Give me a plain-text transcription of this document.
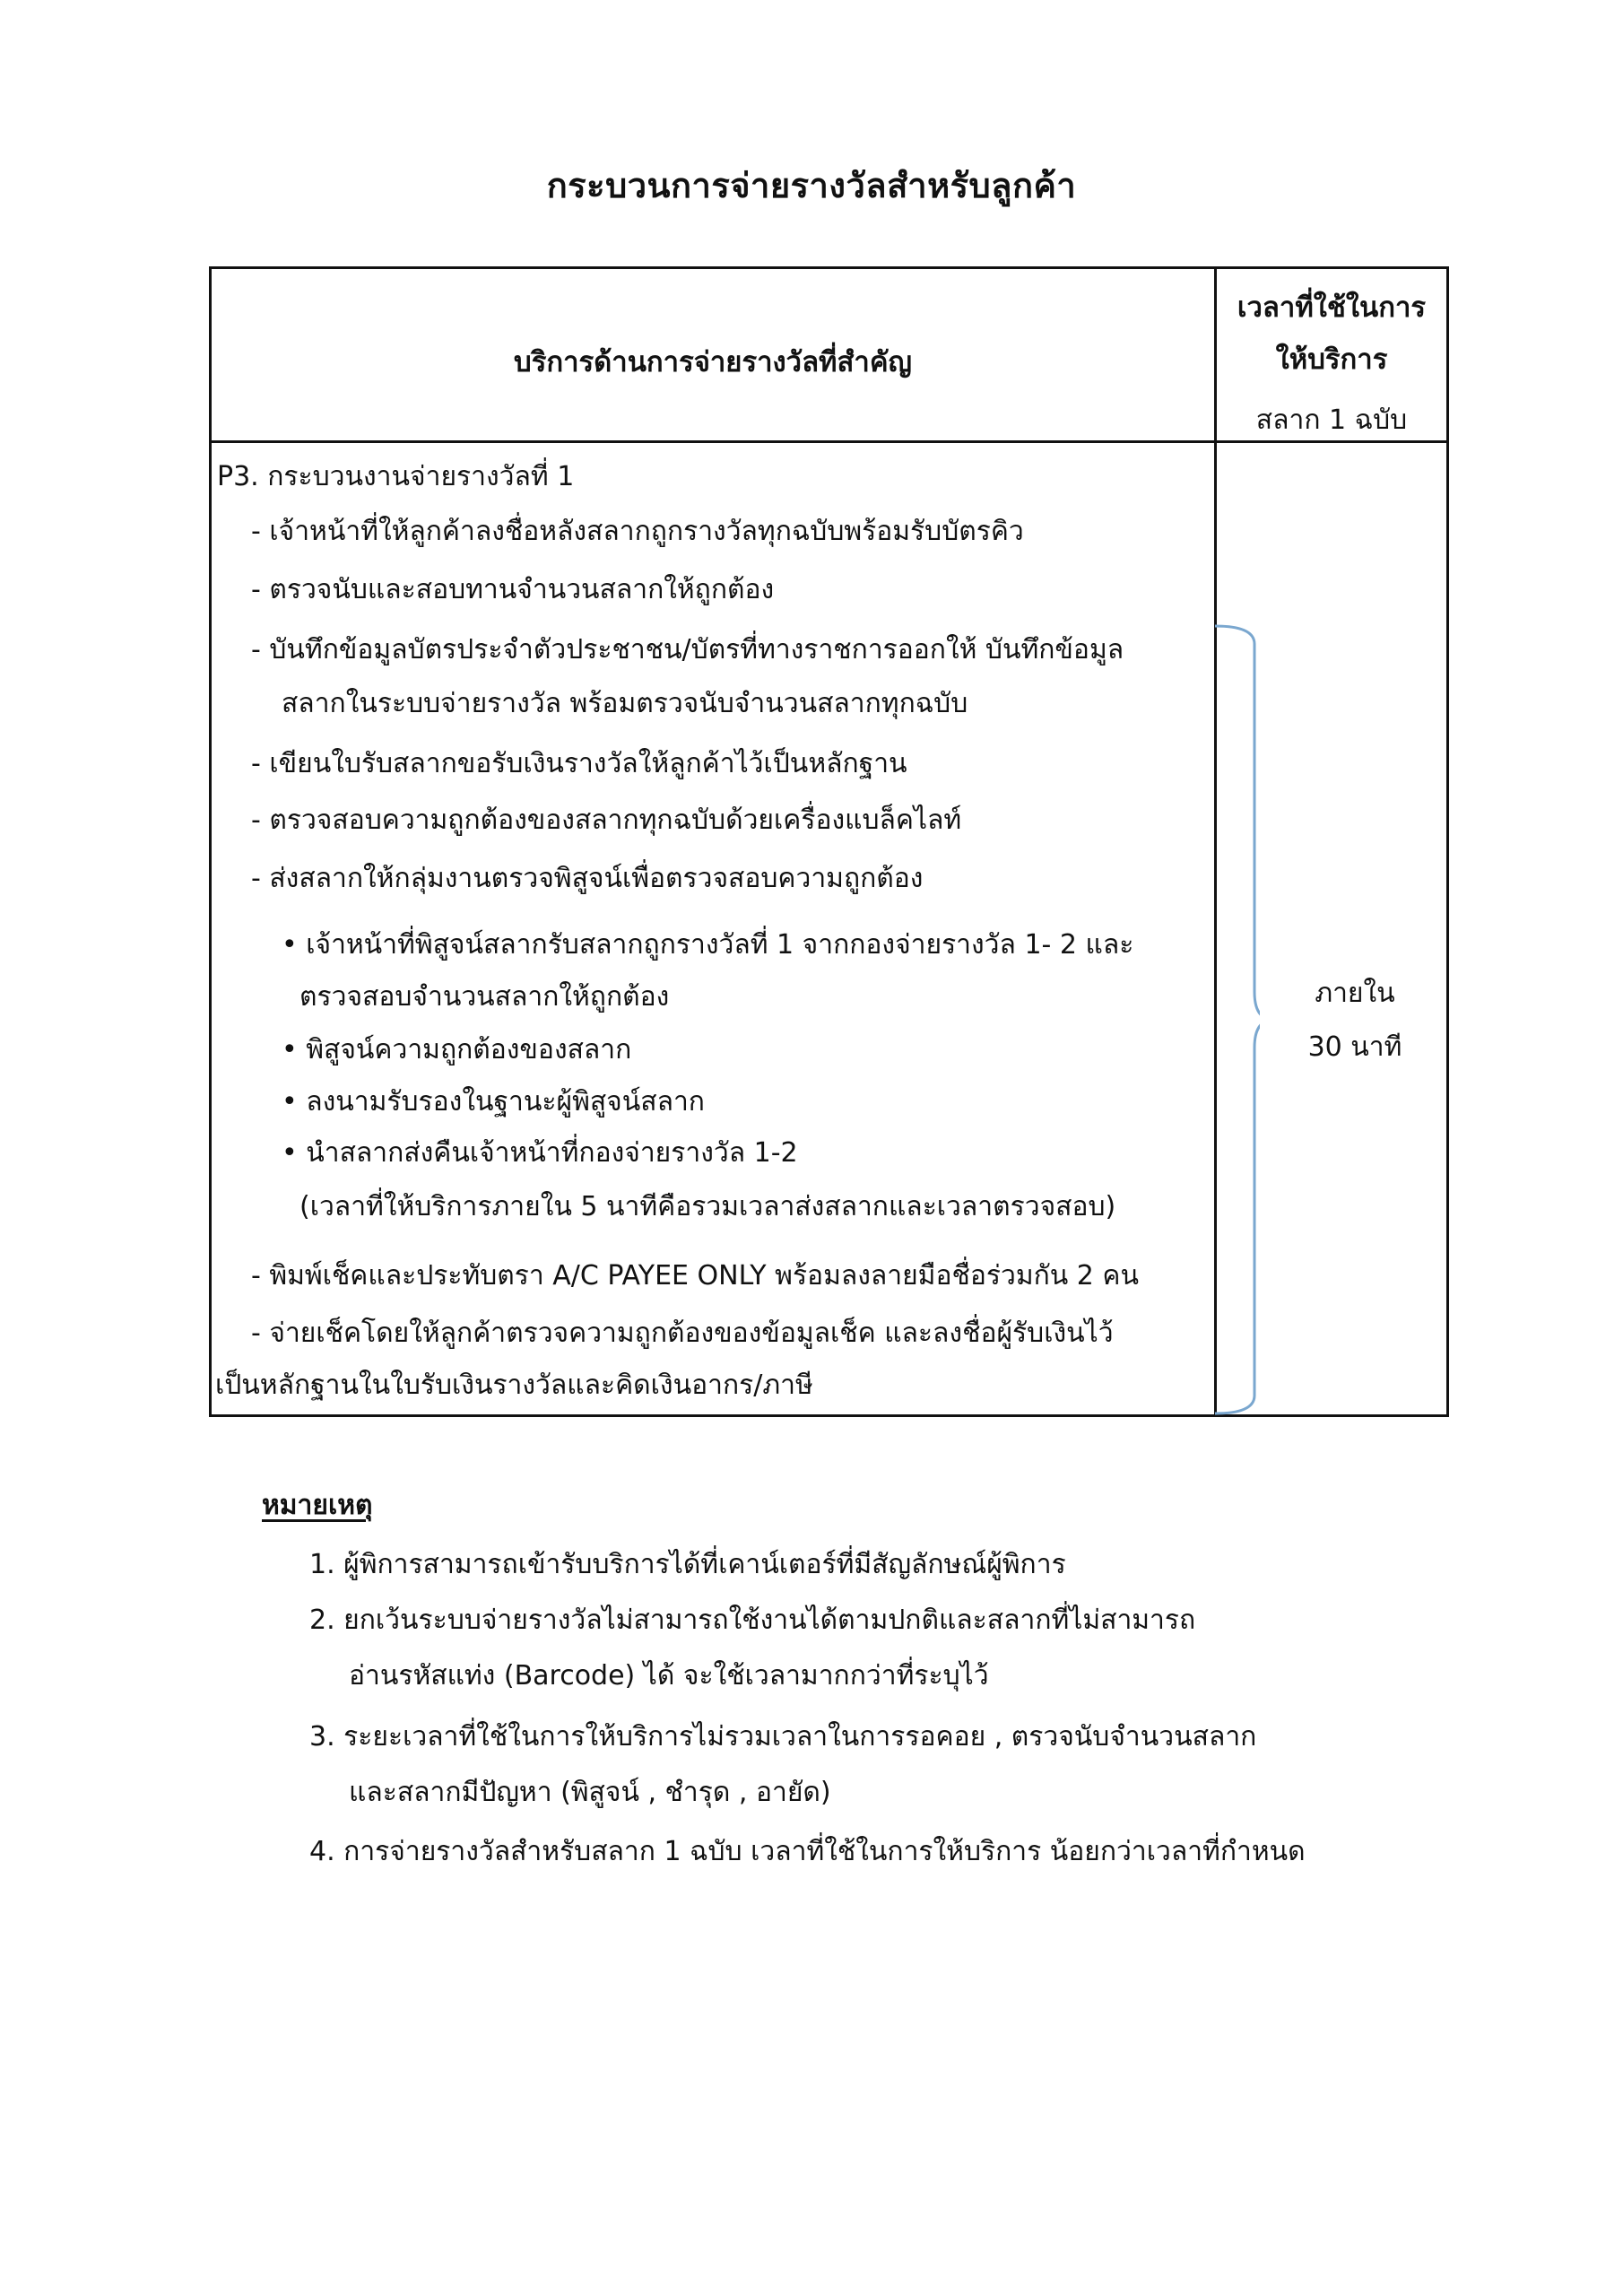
กระบวนการจ่ายรางวัลสำหรับลูกค้า
บริการด้านการจ่ายรางวัลที่สำคัญ
เวลาที่ใช้ในการ
ให้บริการ
สลาก 1 ฉบับ
P3. กระบวนงานจ่ายรางวัลที่ 1
- เจ้าหน้าที่ให้ลูกค้าลงชื่อหลังสลากถูกรางวัลทุกฉบับพร้อมรับบัตรคิว
- ตรวจนับและสอบทานจำนวนสลากให้ถูกต้อง
- บันทึกข้อมูลบัตรประจำตัวประชาชน/บัตรที่ทางราชการออกให้ บันทึกข้อมูล
สลากในระบบจ่ายรางวัล พร้อมตรวจนับจำนวนสลากทุกฉบับ
- เขียนใบรับสลากขอรับเงินรางวัลให้ลูกค้าไว้เป็นหลักฐาน
- ตรวจสอบความถูกต้องของสลากทุกฉบับด้วยเครื่องแบล็คไลท์
- ส่งสลากให้กลุ่มงานตรวจพิสูจน์เพื่อตรวจสอบความถูกต้อง
• เจ้าหน้าที่พิสูจน์สลากรับสลากถูกรางวัลที่ 1 จากกองจ่ายรางวัล 1- 2 และ
ตรวจสอบจำนวนสลากให้ถูกต้อง
• พิสูจน์ความถูกต้องของสลาก
• ลงนามรับรองในฐานะผู้พิสูจน์สลาก
• นำสลากส่งคืนเจ้าหน้าที่กองจ่ายรางวัล 1-2
(เวลาที่ให้บริการภายใน 5 นาทีคือรวมเวลาส่งสลากและเวลาตรวจสอบ)
- พิมพ์เช็คและประทับตรา A/C PAYEE ONLY พร้อมลงลายมือชื่อร่วมกัน 2 คน
- จ่ายเช็คโดยให้ลูกค้าตรวจความถูกต้องของข้อมูลเช็ค และลงชื่อผู้รับเงินไว้
เป็นหลักฐานในใบรับเงินรางวัลและคิดเงินอากร/ภาษี
ภายใน
30 นาที
หมายเหตุ
1. ผู้พิการสามารถเข้ารับบริการได้ที่เคาน์เตอร์ที่มีสัญลักษณ์ผู้พิการ
2. ยกเว้นระบบจ่ายรางวัลไม่สามารถใช้งานได้ตามปกติและสลากที่ไม่สามารถ
อ่านรหัสแท่ง (Barcode) ได้ จะใช้เวลามากกว่าที่ระบุไว้
3. ระยะเวลาที่ใช้ในการให้บริการไม่รวมเวลาในการรอคอย , ตรวจนับจำนวนสลาก
และสลากมีปัญหา (พิสูจน์ , ชำรุด , อายัด)
4. การจ่ายรางวัลสำหรับสลาก 1 ฉบับ เวลาที่ใช้ในการให้บริการ น้อยกว่าเวลาที่กำหนด
